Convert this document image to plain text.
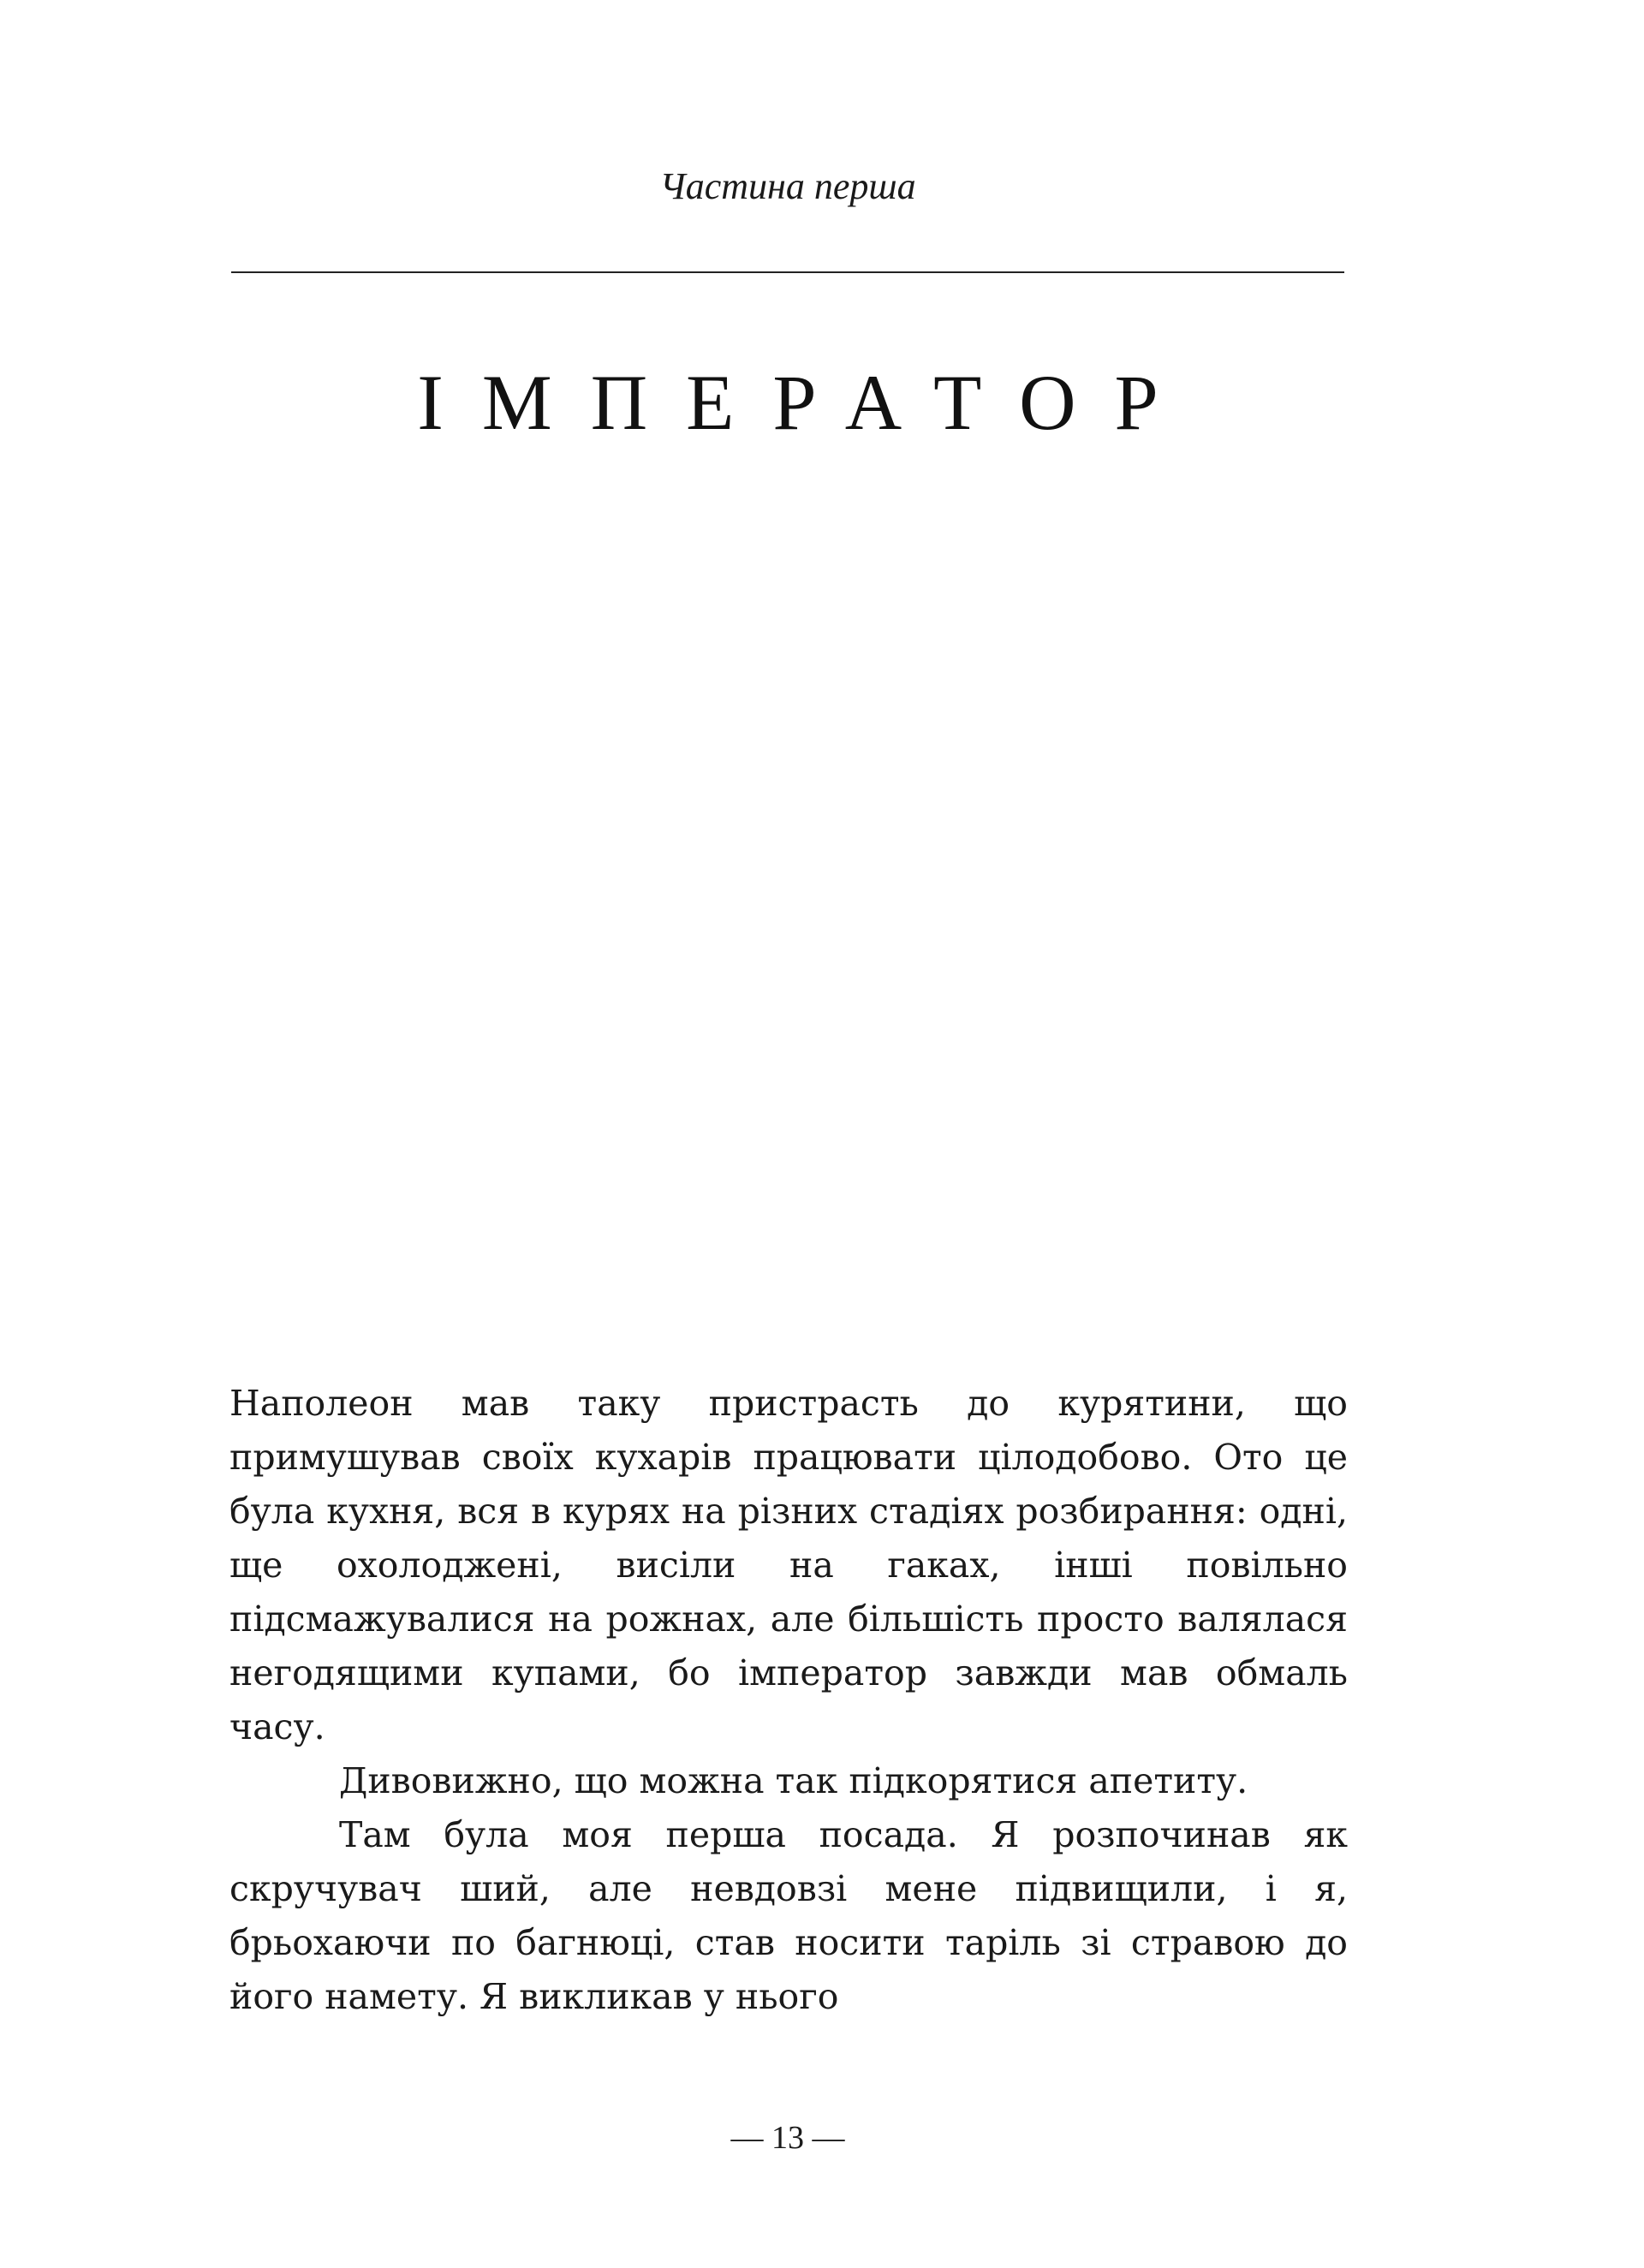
Частина перша
ІМПЕРАТОР

Наполеон мав таку пристрасть до курятини, що примушував своїх кухарів працювати цілодобово. Ото це була кухня, вся в курях на різних стадіях розбирання: одні, ще охолоджені, висіли на гаках, інші повільно підсмажувалися на рожнах, але більшість просто валялася негодящими купами, бо імператор завжди мав обмаль часу.

Дивовижно, що можна так підкорятися апетиту.

Там була моя перша посада. Я розпочинав як скручувач ший, але невдовзі мене підвищили, і я, брьохаючи по багнюці, став носити таріль зі стравою до його намету. Я викликав у нього

— 13 —
